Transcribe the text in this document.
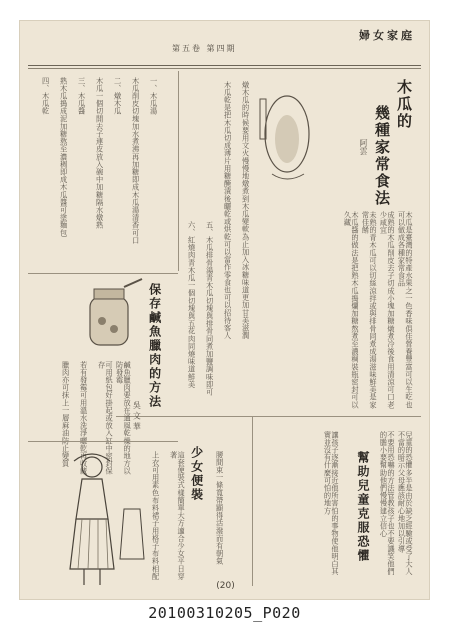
婦女家庭
第五卷 第四期
木瓜的
幾種家常食法
阿雲
木瓜是臺灣的特產水果之一色香味俱佳營養豐富可以生吃也可以做成各種家常食品
成熟的木瓜削皮去子切成小塊加糖燉煮冷後食用清涼可口老少咸宜
未熟的青木瓜可以切絲涼拌或與排骨同煮成湯滋味鮮美是家常佳餚
木瓜醬的做法是把熟木瓜搗爛加糖熬煮至濃稠裝瓶密封可以久藏
幫助兒童克服恐懼	兒童的恐懼多半是由於缺乏經驗或受了大人不當的暗示父母應該耐心地加以引導
不要用恐嚇的方法管教孩子也不要譏笑他們的膽小要幫助他們慢慢建立信心
讓孩子逐漸接近他所害怕的事物使他明白其實並沒有什麼可怕的地方
燉木瓜的時候要用文火慢慢地燉煮到木瓜變軟為止加入冰糖味道更加甘美滋潤
木瓜乾是把木瓜切成薄片用糖醃漬後曬乾或烘乾可以當作零食也可以招待客人
五、木瓜排骨湯青木瓜切塊與排骨同煮加鹽調味即可
六、紅燒肉青木瓜一個切塊與五花肉同燒味道鮮美
一、木瓜湯
木瓜削皮切塊加水煮沸再加糖即成木瓜湯清香可口
二、燉木瓜
木瓜一個切開去子連皮放入碗中加糖隔水燉熟
三、木瓜醬
熟木瓜搗成泥加糖熬至濃稠即成木瓜醬可塗麵包
四、木瓜乾
保存鹹魚臘肉的方法
吳 文 華
鹹魚臘肉要放在通風乾燥的地方以防發霉
可用紙包好掛起或放入缸中密封保存
若有發霉可用溫水洗淨曬乾再收藏
臘肉亦可抹上一層麻油防止變質
少女便裝
這套便裝式樣簡單大方適合少女平日穿著
上衣可用素色布料裙子用格子布料相配	腰間束一條寬帶顯得活潑而有朝氣
(20)
20100310205_P020
